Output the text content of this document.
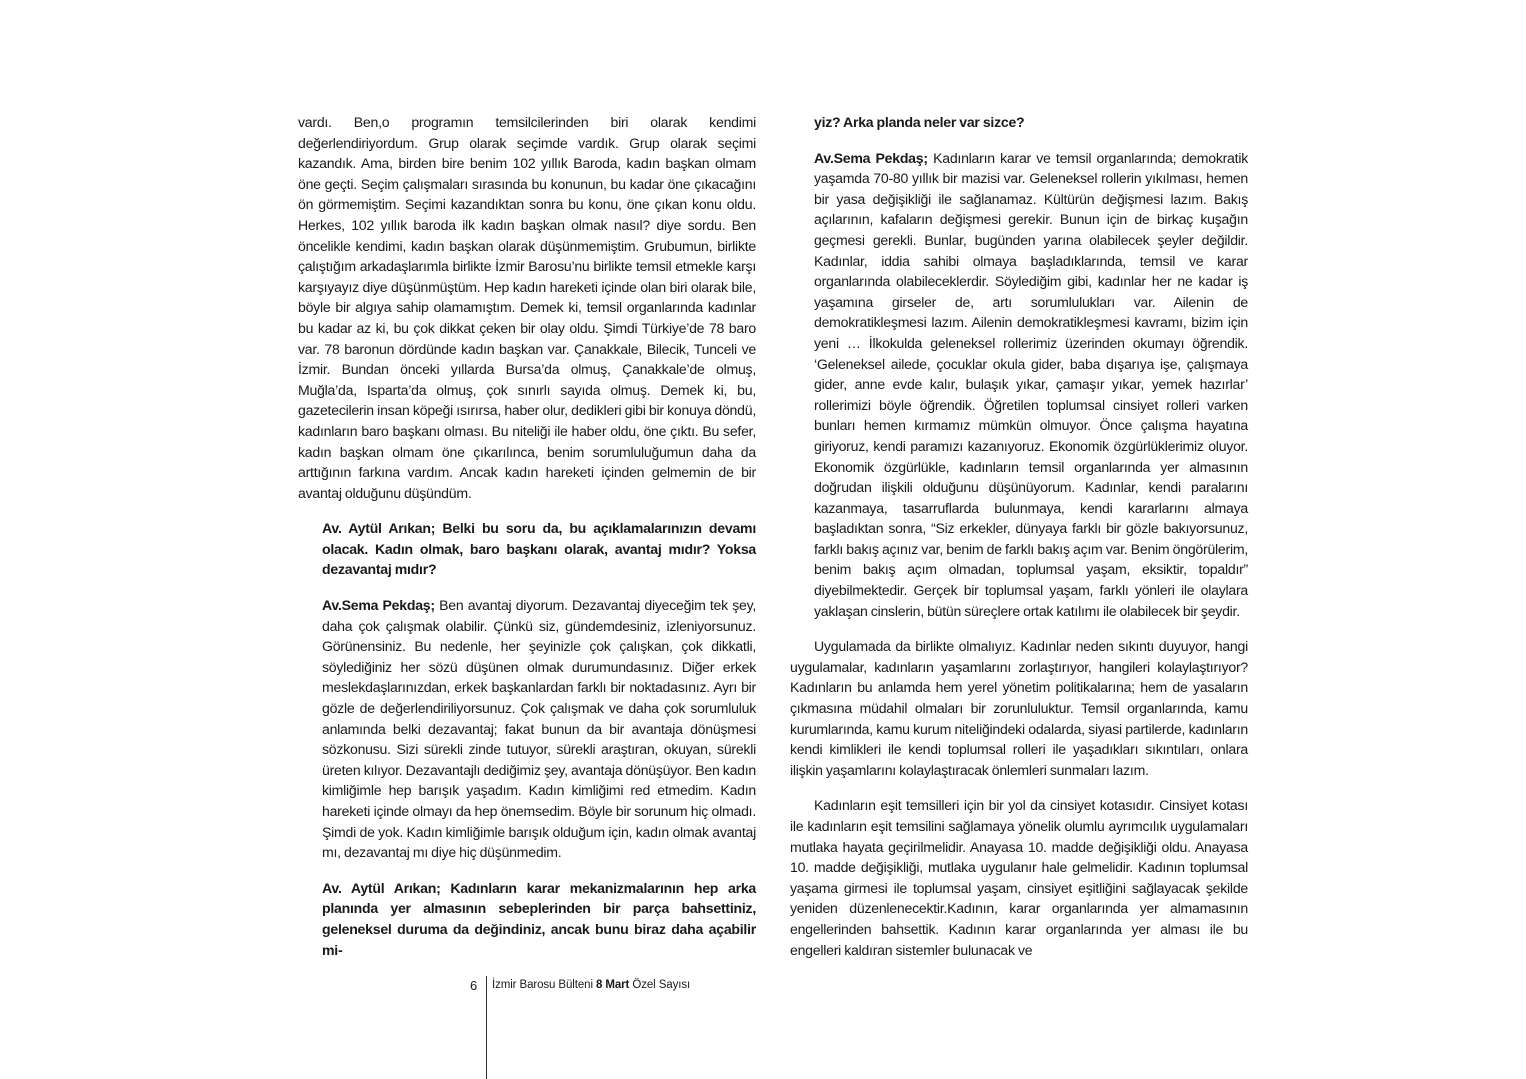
vardı. Ben,o programın temsilcilerinden biri olarak kendimi değerlendiriyordum. Grup olarak seçimde vardık. Grup olarak seçimi kazandık. Ama, birden bire benim 102 yıllık Baroda, kadın başkan olmam öne geçti. Seçim çalışmaları sırasında bu konunun, bu kadar öne çıkacağını ön görmemiştim. Seçimi kazandıktan sonra bu konu, öne çıkan konu oldu. Herkes, 102 yıllık baroda ilk kadın başkan olmak nasıl? diye sordu. Ben öncelikle kendimi, kadın başkan olarak düşünmemiştim. Grubumun, birlikte çalıştığım arkadaşlarımla birlikte İzmir Barosu’nu birlikte temsil etmekle karşı karşıyayız diye düşünmüştüm. Hep kadın hareketi içinde olan biri olarak bile, böyle bir algıya sahip olamamıştım. Demek ki, temsil organlarında kadınlar bu kadar az ki, bu çok dikkat çeken bir olay oldu. Şimdi Türkiye’de 78 baro var. 78 baronun dördünde kadın başkan var. Çanakkale, Bilecik, Tunceli ve İzmir. Bundan önceki yıllarda Bursa’da olmuş, Çanakkale’de olmuş, Muğla’da, Isparta’da olmuş, çok sınırlı sayıda olmuş. Demek ki, bu, gazetecilerin insan köpeği ısırırsa, haber olur, dedikleri gibi bir konuya döndü, kadınların baro başkanı olması. Bu niteliği ile haber oldu, öne çıktı. Bu sefer, kadın başkan olmam öne çıkarılınca, benim sorumluluğumun daha da arttığının farkına vardım. Ancak kadın hareketi içinden gelmemin de bir avantaj olduğunu düşündüm.

Av. Aytül Arıkan; Belki bu soru da, bu açıklamalarınızın devamı olacak. Kadın olmak, baro başkanı olarak, avantaj mıdır? Yoksa dezavantaj mıdır?

Av.Sema Pekdaş; Ben avantaj diyorum. Dezavantaj diyeceğim tek şey, daha çok çalışmak olabilir. Çünkü siz, gündemdesiniz, izleniyorsunuz. Görünensiniz. Bu nedenle, her şeyinizle çok çalışkan, çok dikkatli, söylediğiniz her sözü düşünen olmak durumundasınız. Diğer erkek meslekdaşlarınızdan, erkek başkanlardan farklı bir noktadasınız. Ayrı bir gözle de değerlendiriliyorsunuz. Çok çalışmak ve daha çok sorumluluk anlamında belki dezavantaj; fakat bunun da bir avantaja dönüşmesi sözkonusu. Sizi sürekli zinde tutuyor, sürekli araştıran, okuyan, sürekli üreten kılıyor. Dezavantajlı dediğimiz şey, avantaja dönüşüyor. Ben kadın kimliğimle hep barışık yaşadım. Kadın kimliğimi red etmedim. Kadın hareketi içinde olmayı da hep önemsedim. Böyle bir sorunum hiç olmadı. Şimdi de yok. Kadın kimliğimle barışık olduğum için, kadın olmak avantaj mı, dezavantaj mı diye hiç düşünmedim.

Av. Aytül Arıkan; Kadınların karar mekanizmalarının hep arka planında yer almasının sebeplerinden bir parça bahsettiniz, geleneksel duruma da değindiniz, ancak bunu biraz daha açabilir mi-

yiz? Arka planda neler var sizce?

Av.Sema Pekdaş; Kadınların karar ve temsil organlarında; demokratik yaşamda 70-80 yıllık bir mazisi var. Geleneksel rollerin yıkılması, hemen bir yasa değişikliği ile sağlanamaz. Kültürün değişmesi lazım. Bakış açılarının, kafaların değişmesi gerekir. Bunun için de birkaç kuşağın geçmesi gerekli. Bunlar, bugünden yarına olabilecek şeyler değildir. Kadınlar, iddia sahibi olmaya başladıklarında, temsil ve karar organlarında olabileceklerdir. Söylediğim gibi, kadınlar her ne kadar iş yaşamına girseler de, artı sorumlulukları var. Ailenin de demokratikleşmesi lazım. Ailenin demokratikleşmesi kavramı, bizim için yeni … İlkokulda geleneksel rollerimiz üzerinden okumayı öğrendik. ‘Geleneksel ailede, çocuklar okula gider, baba dışarıya işe, çalışmaya gider, anne evde kalır, bulaşık yıkar, çamaşır yıkar, yemek hazırlar’ rollerimizi böyle öğrendik. Öğretilen toplumsal cinsiyet rolleri varken bunları hemen kırmamız mümkün olmuyor. Önce çalışma hayatına giriyoruz, kendi paramızı kazanıyoruz. Ekonomik özgürlüklerimiz oluyor. Ekonomik özgürlükle, kadınların temsil organlarında yer almasının doğrudan ilişkili olduğunu düşünüyorum. Kadınlar, kendi paralarını kazanmaya, tasarruflarda bulunmaya, kendi kararlarını almaya başladıktan sonra, “Siz erkekler, dünyaya farklı bir gözle bakıyorsunuz, farklı bakış açınız var, benim de farklı bakış açım var. Benim öngörülerim, benim bakış açım olmadan, toplumsal yaşam, eksiktir, topaldır” diyebilmektedir. Gerçek bir toplumsal yaşam, farklı yönleri ile olaylara yaklaşan cinslerin, bütün süreçlere ortak katılımı ile olabilecek bir şeydir.

Uygulamada da birlikte olmalıyız. Kadınlar neden sıkıntı duyuyor, hangi uygulamalar, kadınların yaşamlarını zorlaştırıyor, hangileri kolaylaştırıyor? Kadınların bu anlamda hem yerel yönetim politikalarına; hem de yasaların çıkmasına müdahil olmaları bir zorunluluktur. Temsil organlarında, kamu kurumlarında, kamu kurum niteliğindeki odalarda, siyasi partilerde, kadınların kendi kimlikleri ile kendi toplumsal rolleri ile yaşadıkları sıkıntıları, onlara ilişkin yaşamlarını kolaylaştıracak önlemleri sunmaları lazım.

Kadınların eşit temsilleri için bir yol da cinsiyet kotasıdır. Cinsiyet kotası ile kadınların eşit temsilini sağlamaya yönelik olumlu ayrımcılık uygulamaları mutlaka hayata geçirilmelidir. Anayasa 10. madde değişikliği oldu. Anayasa 10. madde değişikliği, mutlaka uygulanır hale gelmelidir. Kadının toplumsal yaşama girmesi ile toplumsal yaşam, cinsiyet eşitliğini sağlayacak şekilde yeniden düzenlenecektir.Kadının, karar organlarında yer almamasının engellerinden bahsettik. Kadının karar organlarında yer alması ile bu engelleri kaldıran sistemler bulunacak ve

6 İzmir Barosu Bülteni 8 Mart Özel Sayısı
